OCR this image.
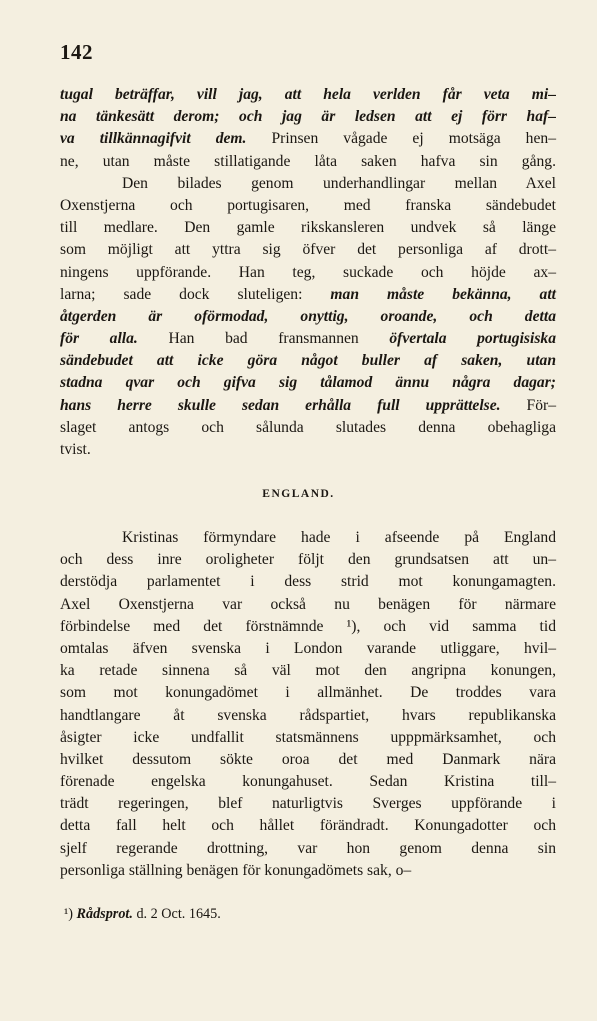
142
tugal beträffar, vill jag, att hela verlden får veta mi–
na tänkesätt derom; och jag är ledsen att ej förr haf–
va tillkännagifvit dem. Prinsen vågade ej motsäga hen–
ne, utan måste stillatigande låta saken hafva sin gång.
Den bilades genom underhandlingar mellan Axel
Oxenstjerna och portugisaren, med franska sändebudet
till medlare. Den gamle rikskansleren undvek så länge
som möjligt att yttra sig öfver det personliga af drott–
ningens uppförande. Han teg, suckade och höjde ax–
larna; sade dock sluteligen: man måste bekänna, att
åtgerden är oförmodad, onyttig, oroande, och detta
för alla. Han bad fransmannen öfvertala portugisiska
sändebudet att icke göra något buller af saken, utan
stadna qvar och gifva sig tålamod ännu några dagar;
hans herre skulle sedan erhålla full upprättelse. För–
slaget antogs och sålunda slutades denna obehagliga
tvist.
ENGLAND.
Kristinas förmyndare hade i afseende på England
och dess inre oroligheter följt den grundsatsen att un–
derstödja parlamentet i dess strid mot konungamagten.
Axel Oxenstjerna var också nu benägen för närmare
förbindelse med det förstnämnde ¹), och vid samma tid
omtalas äfven svenska i London varande utliggare, hvil–
ka retade sinnena så väl mot den angripna konungen,
som mot konungadömet i allmänhet. De troddes vara
handtlangare åt svenska rådspartiet, hvars republikanska
åsigter icke undfallit statsmännens upppmärksamhet, och
hvilket dessutom sökte oroa det med Danmark nära
förenade engelska konungahuset. Sedan Kristina till–
trädt regeringen, blef naturligtvis Sverges uppförande i
detta fall helt och hållet förändradt. Konungadotter och
sjelf regerande drottning, var hon genom denna sin
personliga ställning benägen för konungadömets sak, o–
¹) Rådsprot. d. 2 Oct. 1645.
